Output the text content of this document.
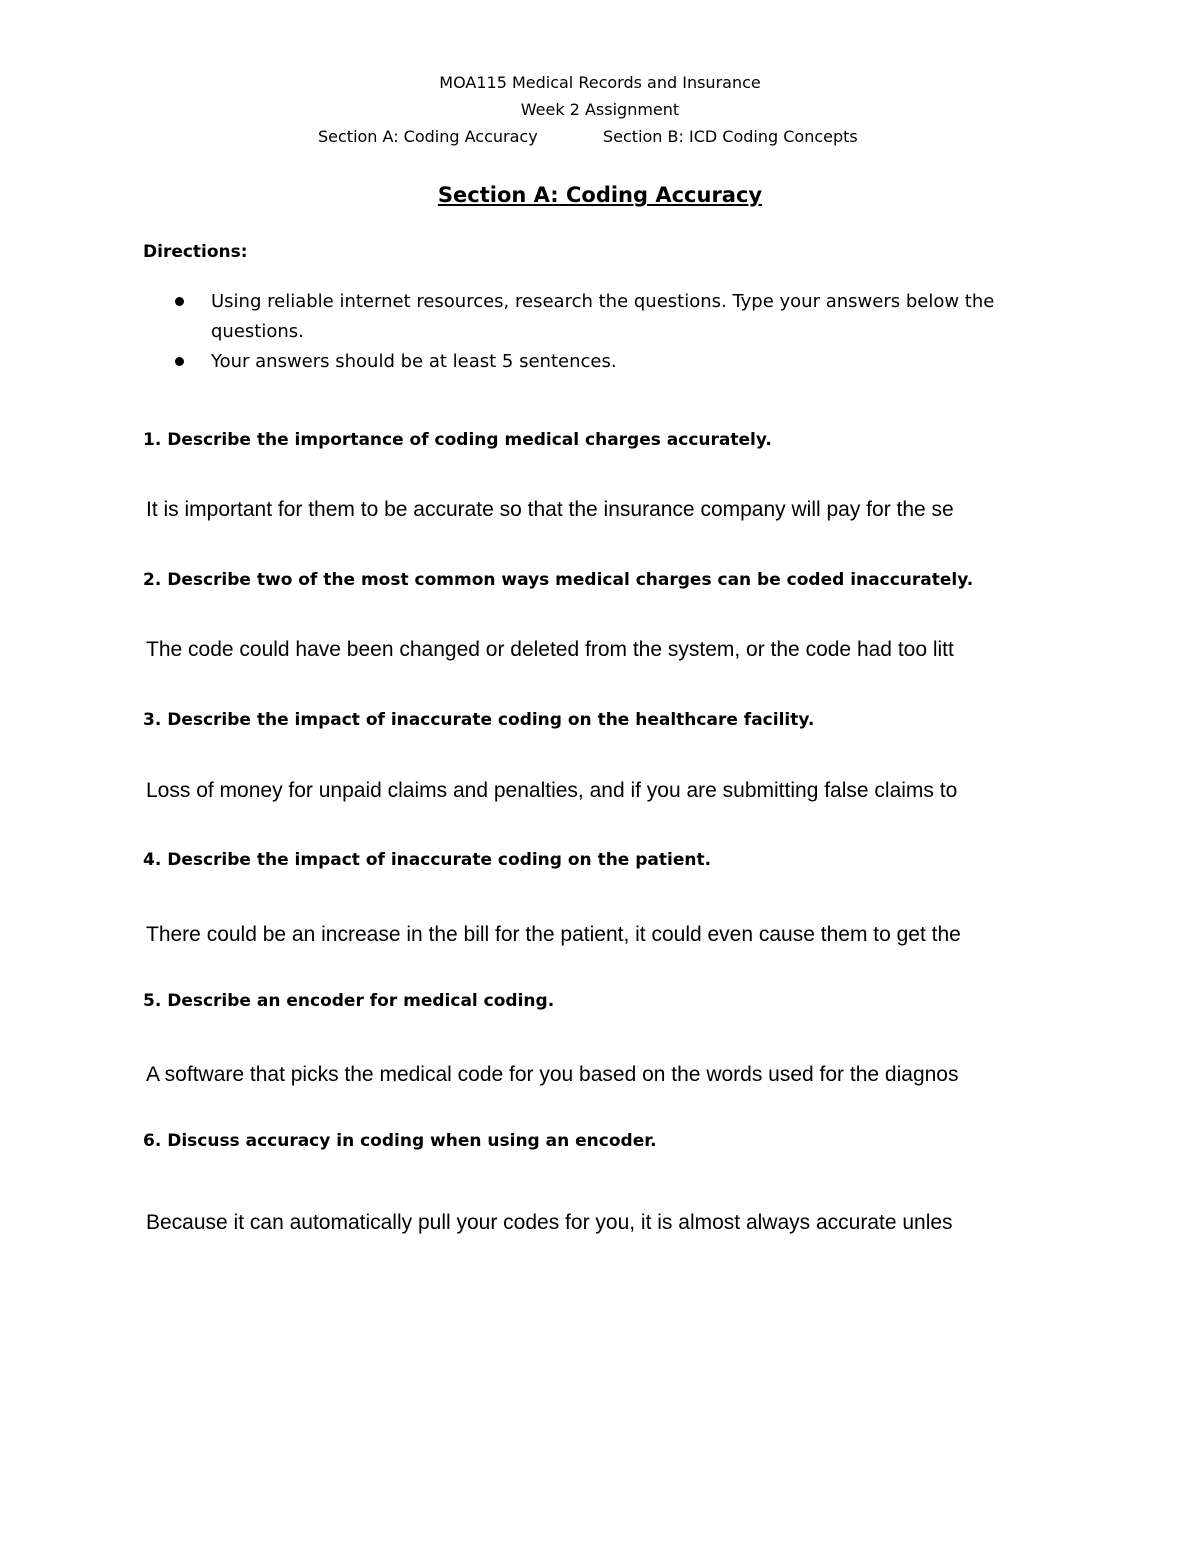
MOA115 Medical Records and Insurance
Week 2 Assignment
Section A: Coding Accuracy	Section B: ICD Coding Concepts
Section A: Coding Accuracy
Directions:
Using reliable internet resources, research the questions. Type your answers below the questions.
Your answers should be at least 5 sentences.
1. Describe the importance of coding medical charges accurately.
It is important for them to be accurate so that the insurance company will pay for the se
2. Describe two of the most common ways medical charges can be coded inaccurately.
The code could have been changed or deleted from the system, or the code had too litt
3. Describe the impact of inaccurate coding on the healthcare facility.
Loss of money for unpaid claims and penalties, and if you are submitting false claims to
4. Describe the impact of inaccurate coding on the patient.
There could be an increase in the bill for the patient, it could even cause them to get the
5. Describe an encoder for medical coding.
A software that picks the medical code for you based on the words used for the diagnos
6. Discuss accuracy in coding when using an encoder.
Because it can automatically pull your codes for you, it is almost always accurate unles
